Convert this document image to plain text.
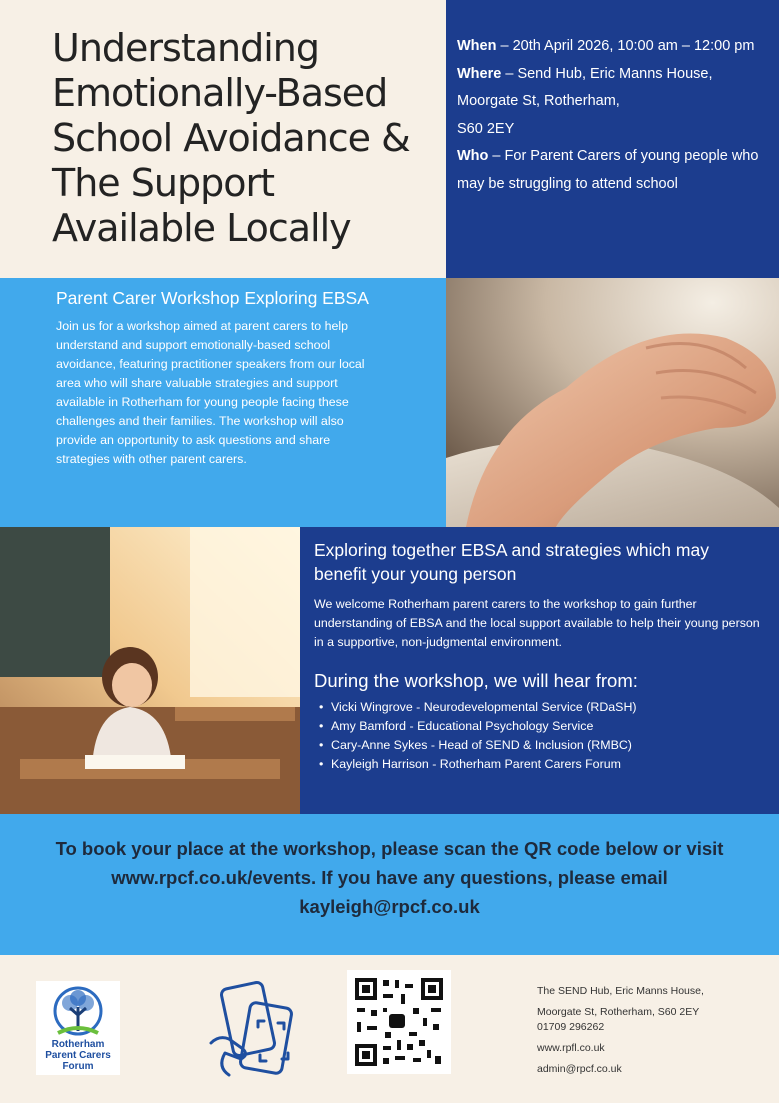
Understanding Emotionally-Based School Avoidance & The Support Available Locally

When – 20th April 2026, 10:00 am – 12:00 pm

Where – Send Hub, Eric Manns House,

Moorgate St, Rotherham,

S60 2EY

Who – For Parent Carers of young people who may be struggling to attend school

Parent Carer Workshop Exploring EBSA

Join us for a workshop aimed at parent carers to help understand and support emotionally-based school avoidance, featuring practitioner speakers from our local area who will share valuable strategies and support available in Rotherham for young people facing these challenges and their families. The workshop will also provide an opportunity to ask questions and share strategies with other parent carers.

Exploring together EBSA and strategies which may benefit your young person

We welcome Rotherham parent carers to the workshop to gain further understanding of EBSA and the local support available to help their young person in a supportive, non-judgmental environment.

During the workshop, we will hear from:
• Vicki Wingrove - Neurodevelopmental Service (RDaSH)
• Amy Bamford - Educational Psychology Service
• Cary-Anne Sykes - Head of SEND & Inclusion (RMBC)
• Kayleigh Harrison - Rotherham Parent Carers Forum

To book your place at the workshop, please scan the QR code below or visit www.rpcf.co.uk/events. If you have any questions, please email kayleigh@rpcf.co.uk

Rotherham Parent Carers Forum

The SEND Hub, Eric Manns House,
Moorgate St, Rotherham, S60 2EY
01709 296262
www.rpfl.co.uk
admin@rpcf.co.uk
